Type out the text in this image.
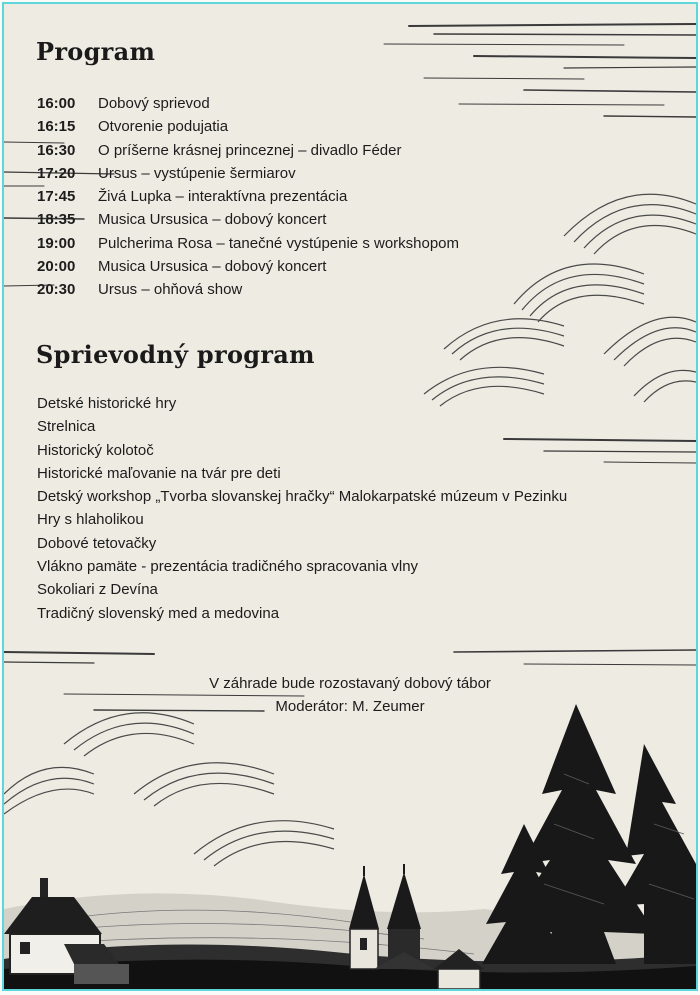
Program
16:00 Dobový sprievod
16:15 Otvorenie podujatia
16:30 O príšerne krásnej princeznej – divadlo Féder
17:20 Ursus – vystúpenie šermiarov
17:45 Živá Lupka – interaktívna prezentácia
18:35 Musica Ursusica – dobový koncert
19:00 Pulcherima Rosa – tanečné vystúpenie s workshopom
20:00 Musica Ursusica – dobový koncert
20:30 Ursus – ohňová show
Sprievodný program
Detské historické hry
Strelnica
Historický kolotoč
Historické maľovanie na tvár pre deti
Detský workshop „Tvorba slovanskej hračky“ Malokarpatské múzeum v Pezinku
Hry s hlaholikou
Dobové tetovačky
Vlákno pamäte - prezentácia tradičného spracovania vlny
Sokoliari z Devína
Tradičný slovenský med a medovina
V záhrade bude rozostavaný dobový tábor
Moderátor: M. Zeumer
